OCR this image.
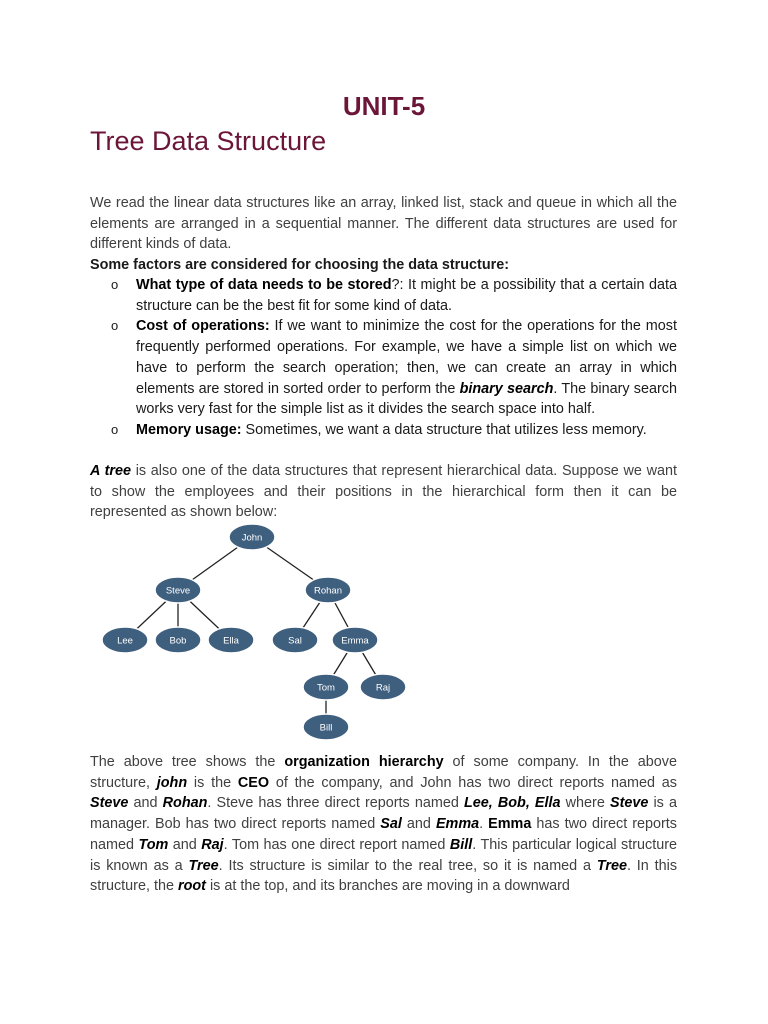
UNIT-5
Tree Data Structure

We read the linear data structures like an array, linked list, stack and queue in which all the elements are arranged in a sequential manner. The different data structures are used for different kinds of data.

Some factors are considered for choosing the data structure:

o What type of data needs to be stored?: It might be a possibility that a certain data structure can be the best fit for some kind of data.
o Cost of operations: If we want to minimize the cost for the operations for the most frequently performed operations. For example, we have a simple list on which we have to perform the search operation; then, we can create an array in which elements are stored in sorted order to perform the binary search. The binary search works very fast for the simple list as it divides the search space into half.
o Memory usage: Sometimes, we want a data structure that utilizes less memory.

A tree is also one of the data structures that represent hierarchical data. Suppose we want to show the employees and their positions in the hierarchical form then it can be represented as shown below:

John
Steve	Rohan
Lee	Bob	Ella	Sal	Emma
Tom	Raj
Bill

The above tree shows the organization hierarchy of some company. In the above structure, john is the CEO of the company, and John has two direct reports named as Steve and Rohan. Steve has three direct reports named Lee, Bob, Ella where Steve is a manager. Bob has two direct reports named Sal and Emma. Emma has two direct reports named Tom and Raj. Tom has one direct report named Bill. This particular logical structure is known as a Tree. Its structure is similar to the real tree, so it is named a Tree. In this structure, the root is at the top, and its branches are moving in a downward
